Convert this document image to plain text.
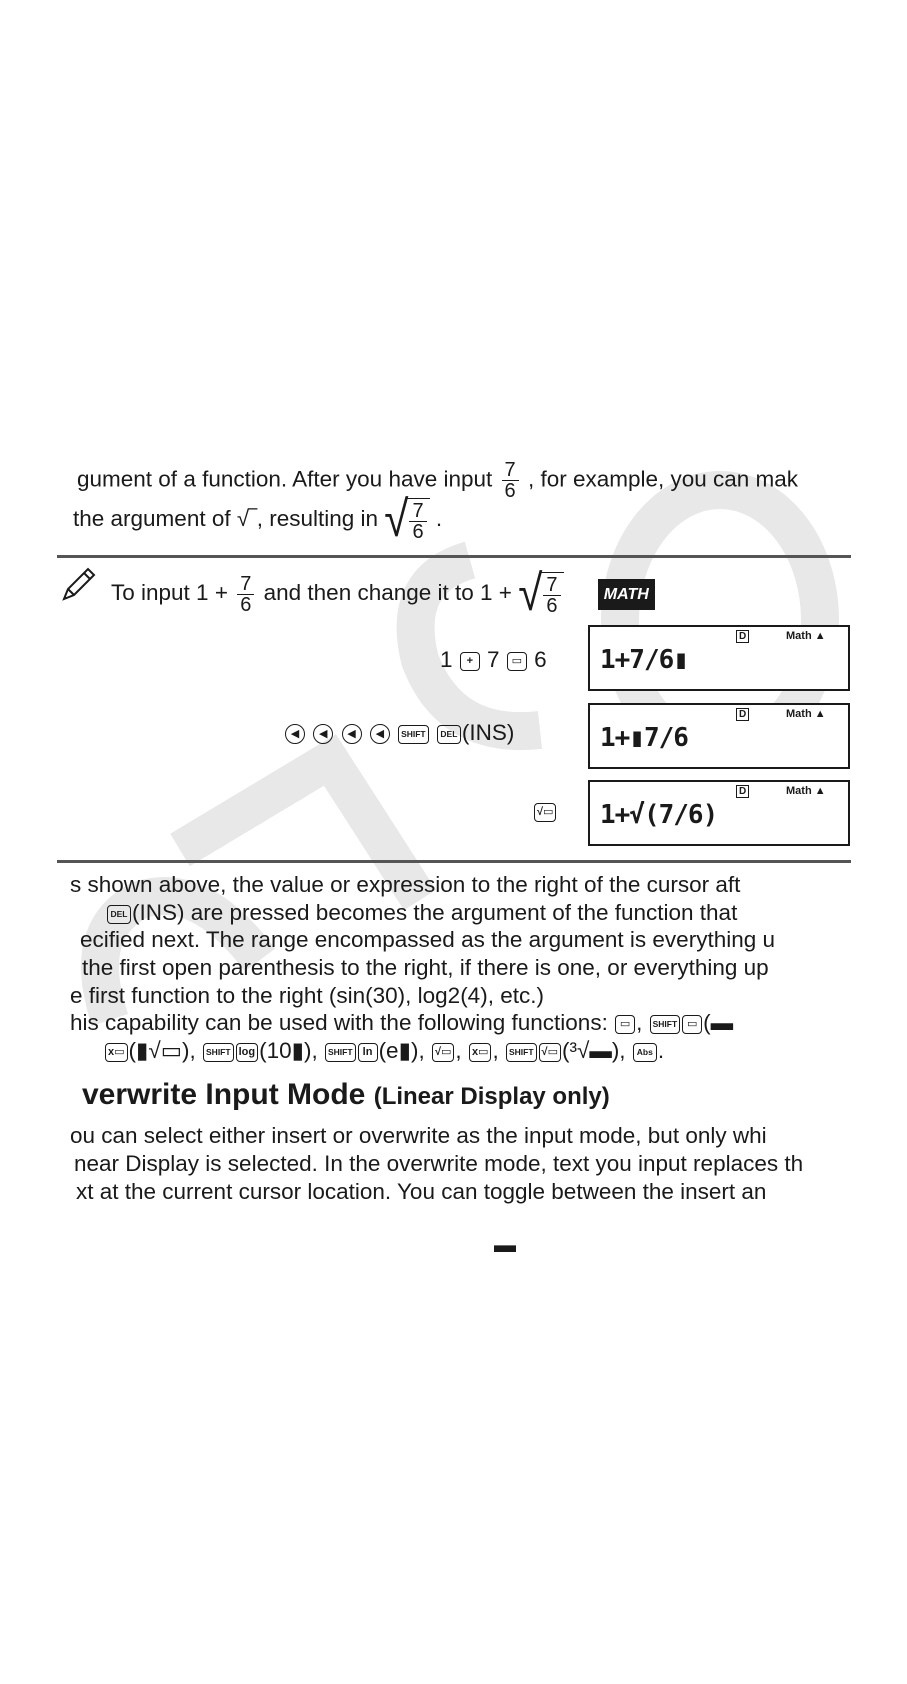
gument of a function. After you have input $\frac{7}{6}$ , for example, you can mak
the argument of √‾, resulting in √ $\frac{7}{6}$ .
To input $1 + \frac{7}{6}$ and then change it to 1 + √ $\frac{7}{6}$	MATH
1 + 7 ▭ 6
D	Math ▲
1+7/6▮
◀ ◀ ◀ ◀ SHIFT DEL (INS)
D	Math ▲
1+▮7/6
√▭
D	Math ▲
1+√(7/6)
s shown above, the value or expression to the right of the cursor aft
DEL (INS) are pressed becomes the argument of the function that
ecified next. The range encompassed as the argument is everything u
the first open parenthesis to the right, if there is one, or everything up
e first function to the right (sin(30), log2(4), etc.)
his capability can be used with the following functions: ▭ , SHIFT ▭ (▬
x▭ (▮√▭), SHIFT log (10▮), SHIFT ln (e▮), √▭ , x▭ , SHIFT √▭ (³√▬), Abs .
verwrite Input Mode (Linear Display only)
ou can select either insert or overwrite as the input mode, but only whi
near Display is selected. In the overwrite mode, text you input replaces th
xt at the current cursor location. You can toggle between the insert an
▬
